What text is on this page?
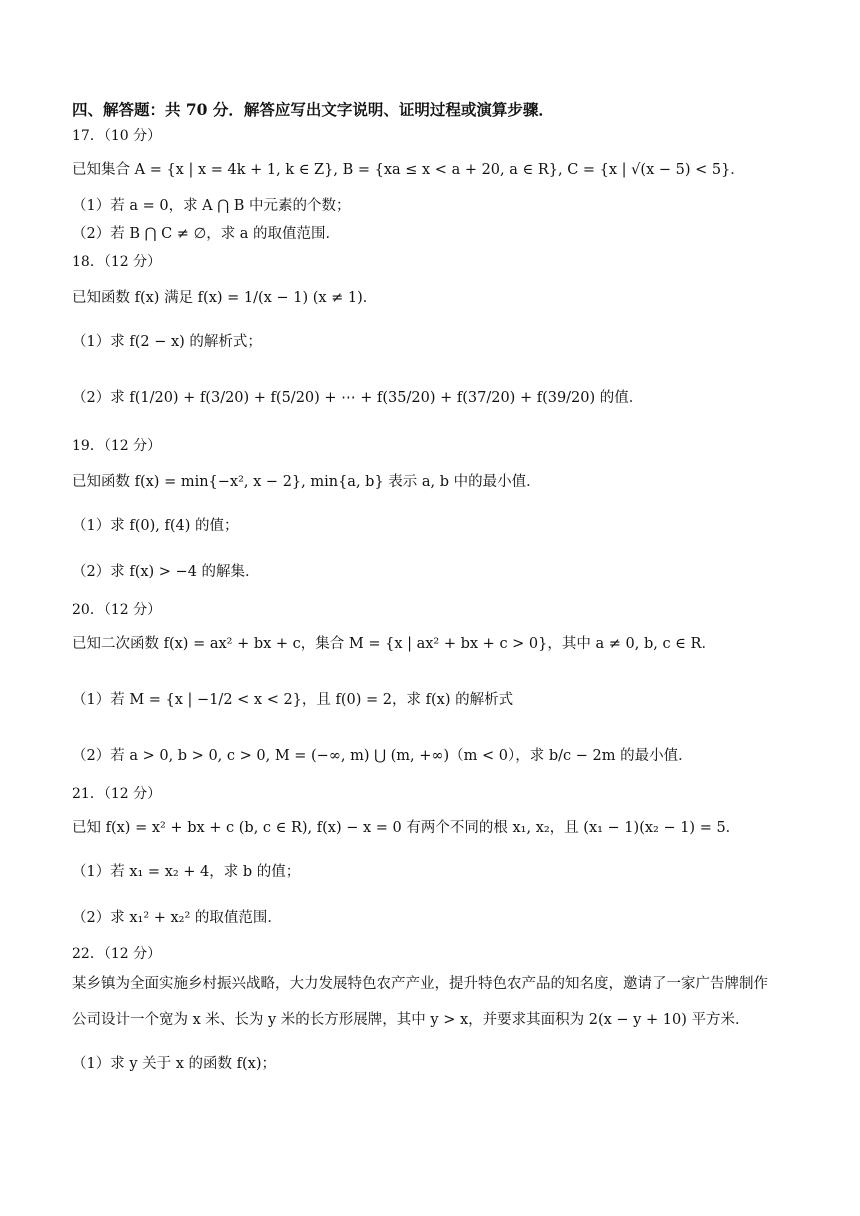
四、解答题：共 70 分．解答应写出文字说明、证明过程或演算步骤．
17．（10 分）
已知集合 A = {x | x = 4k + 1, k ∈ Z}, B = {xa ≤ x < a + 20, a ∈ R}, C = {x | √(x − 5) < 5}．
（1）若 a = 0，求 A ⋂ B 中元素的个数；
（2）若 B ⋂ C ≠ ∅，求 a 的取值范围．
18．（12 分）
已知函数 f(x) 满足 f(x) = 1/(x − 1) (x ≠ 1)．
（1）求 f(2 − x) 的解析式；
（2）求 f(1/20) + f(3/20) + f(5/20) + ⋯ + f(35/20) + f(37/20) + f(39/20) 的值．
19．（12 分）
已知函数 f(x) = min{−x², x − 2}, min{a, b} 表示 a, b 中的最小值．
（1）求 f(0), f(4) 的值；
（2）求 f(x) > −4 的解集．
20．（12 分）
已知二次函数 f(x) = ax² + bx + c，集合 M = {x | ax² + bx + c > 0}，其中 a ≠ 0, b, c ∈ R．
（1）若 M = {x | −1/2 < x < 2}，且 f(0) = 2，求 f(x) 的解析式
（2）若 a > 0, b > 0, c > 0, M = (−∞, m) ⋃ (m, +∞)（m < 0），求 b/c − 2m 的最小值．
21．（12 分）
已知 f(x) = x² + bx + c (b, c ∈ R), f(x) − x = 0 有两个不同的根 x₁, x₂，且 (x₁ − 1)(x₂ − 1) = 5．
（1）若 x₁ = x₂ + 4，求 b 的值；
（2）求 x₁² + x₂² 的取值范围．
22．（12 分）
某乡镇为全面实施乡村振兴战略，大力发展特色农产产业，提升特色农产品的知名度，邀请了一家广告牌制作
公司设计一个宽为 x 米、长为 y 米的长方形展牌，其中 y > x，并要求其面积为 2(x − y + 10) 平方米．
（1）求 y 关于 x 的函数 f(x)；
